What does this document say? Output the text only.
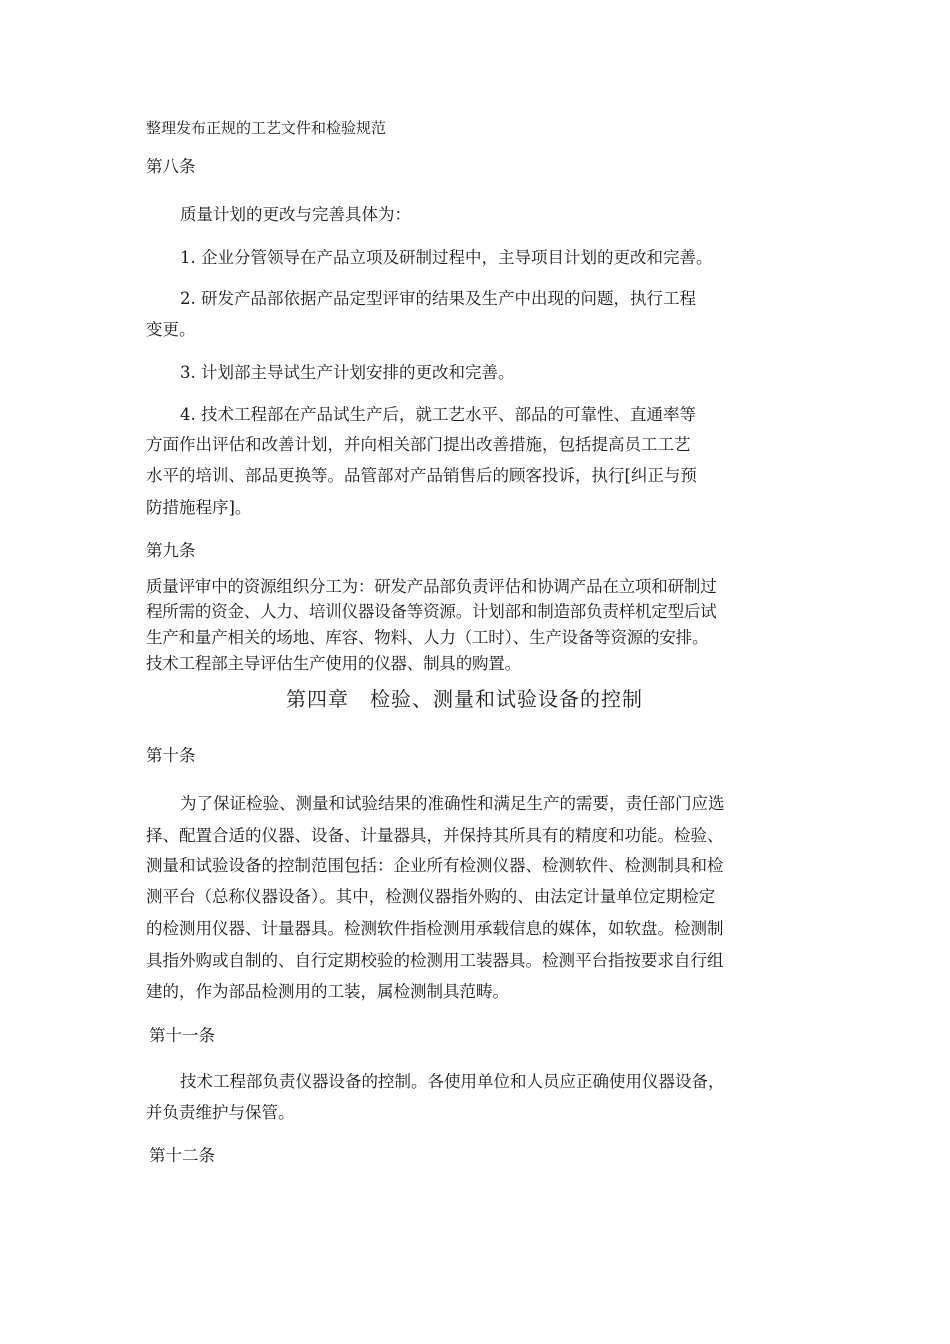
整理发布正规的工艺文件和检验规范
第八条
质量计划的更改与完善具体为：
1. 企业分管领导在产品立项及研制过程中，主导项目计划的更改和完善。
2. 研发产品部依据产品定型评审的结果及生产中出现的问题，执行工程
变更。
3. 计划部主导试生产计划安排的更改和完善。
4. 技术工程部在产品试生产后，就工艺水平、部品的可靠性、直通率等
方面作出评估和改善计划，并向相关部门提出改善措施，包括提高员工工艺
水平的培训、部品更换等。品管部对产品销售后的顾客投诉，执行[纠正与预
防措施程序]。
第九条
质量评审中的资源组织分工为：研发产品部负责评估和协调产品在立项和研制过
程所需的资金、人力、培训仪器设备等资源。计划部和制造部负责样机定型后试
生产和量产相关的场地、库容、物料、人力（工时）、生产设备等资源的安排。
技术工程部主导评估生产使用的仪器、制具的购置。
第四章　检验、测量和试验设备的控制
第十条
为了保证检验、测量和试验结果的准确性和满足生产的需要，责任部门应选
择、配置合适的仪器、设备、计量器具，并保持其所具有的精度和功能。检验、
测量和试验设备的控制范围包括：企业所有检测仪器、检测软件、检测制具和检
测平台（总称仪器设备）。其中，检测仪器指外购的、由法定计量单位定期检定
的检测用仪器、计量器具。检测软件指检测用承载信息的媒体，如软盘。检测制
具指外购或自制的、自行定期校验的检测用工装器具。检测平台指按要求自行组
建的，作为部品检测用的工装，属检测制具范畴。
第十一条
技术工程部负责仪器设备的控制。各使用单位和人员应正确使用仪器设备，
并负责维护与保管。
第十二条
